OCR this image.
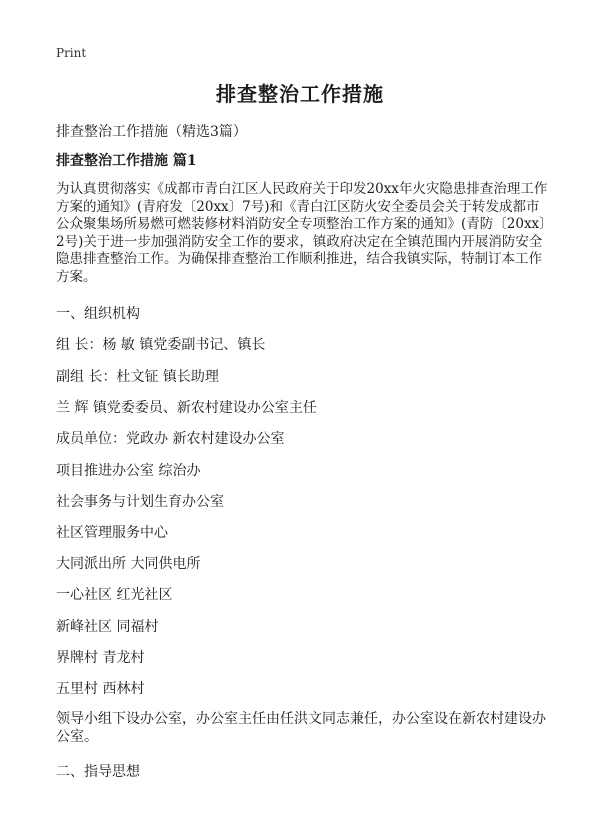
Print
排查整治工作措施
排查整治工作措施（精选3篇）
排查整治工作措施 篇1
为认真贯彻落实《成都市青白江区人民政府关于印发20xx年火灾隐患排查治理工作方案的通知》(青府发〔20xx〕7号)和《青白江区防火安全委员会关于转发成都市公众聚集场所易燃可燃装修材料消防安全专项整治工作方案的通知》(青防〔20xx〕2号)关于进一步加强消防安全工作的要求，镇政府决定在全镇范围内开展消防安全隐患排查整治工作。为确保排查整治工作顺利推进，结合我镇实际，特制订本工作方案。
一、组织机构
组 长：杨 敏 镇党委副书记、镇长
副组 长：杜文钲 镇长助理
兰 辉 镇党委委员、新农村建设办公室主任
成员单位：党政办 新农村建设办公室
项目推进办公室 综治办
社会事务与计划生育办公室
社区管理服务中心
大同派出所 大同供电所
一心社区 红光社区
新峰社区 同福村
界牌村 青龙村
五里村 西林村
领导小组下设办公室，办公室主任由任洪文同志兼任，办公室设在新农村建设办公室。
二、指导思想
